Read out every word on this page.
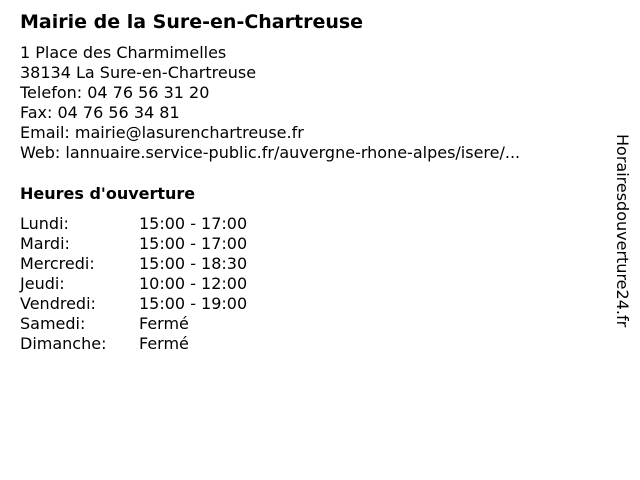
Mairie de la Sure-en-Chartreuse
1 Place des Charmimelles
38134 La Sure-en-Chartreuse
Telefon: 04 76 56 31 20
Fax: 04 76 56 34 81
Email: mairie@lasurenchartreuse.fr
Web: lannuaire.service-public.fr/auvergne-rhone-alpes/isere/...
Heures d'ouverture
Lundi:	15:00 - 17:00
Mardi:	15:00 - 17:00
Mercredi:	15:00 - 18:30
Jeudi:	10:00 - 12:00
Vendredi:	15:00 - 19:00
Samedi:	Fermé
Dimanche: Fermé
Horairesdouverture24.fr
